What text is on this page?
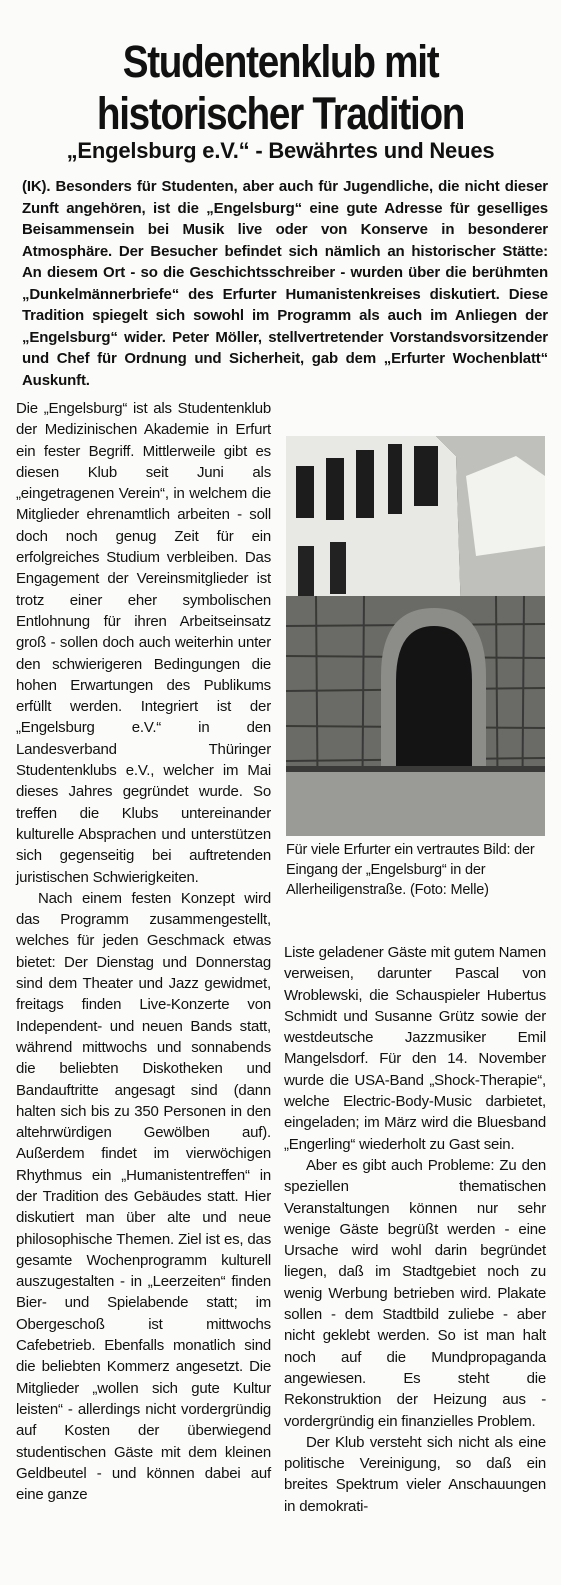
Studentenklub mit
historischer Tradition
„Engelsburg e.V.“ - Bewährtes und Neues
(IK). Besonders für Studenten, aber auch für Jugendliche, die nicht dieser Zunft angehören, ist die „Engelsburg“ eine gute Adresse für geselliges Beisammensein bei Musik live oder von Konserve in besonderer Atmosphäre. Der Besucher befindet sich nämlich an historischer Stätte: An diesem Ort - so die Geschichtsschreiber - wurden über die berühmten „Dunkelmännerbriefe“ des Erfurter Humanistenkreises diskutiert. Diese Tradition spiegelt sich sowohl im Programm als auch im Anliegen der „Engelsburg“ wider. Peter Möller, stellvertretender Vorstandsvorsitzender und Chef für Ordnung und Sicherheit, gab dem „Erfurter Wochenblatt“ Auskunft.

Die „Engelsburg“ ist als Studentenklub der Medizinischen Akademie in Erfurt ein fester Begriff. Mittlerweile gibt es diesen Klub seit Juni als „eingetragenen Verein“, in welchem die Mitglieder ehrenamtlich arbeiten - soll doch noch genug Zeit für ein erfolgreiches Studium verbleiben. Das Engagement der Vereinsmitglieder ist trotz einer eher symbolischen Entlohnung für ihren Arbeitseinsatz groß - sollen doch auch weiterhin unter den schwierigeren Bedingungen die hohen Erwartungen des Publikums erfüllt werden. Integriert ist der „Engelsburg e.V.“ in den Landesverband Thüringer Studentenklubs e.V., welcher im Mai dieses Jahres gegründet wurde. So treffen die Klubs untereinander kulturelle Absprachen und unterstützen sich gegenseitig bei auftretenden juristischen Schwierigkeiten.

Nach einem festen Konzept wird das Programm zusammengestellt, welches für jeden Geschmack etwas bietet: Der Dienstag und Donnerstag sind dem Theater und Jazz gewidmet, freitags finden Live-Konzerte von Independent- und neuen Bands statt, während mittwochs und sonnabends die beliebten Diskotheken und Bandauftritte angesagt sind (dann halten sich bis zu 350 Personen in den altehrwürdigen Gewölben auf). Außerdem findet im vierwöchigen Rhythmus ein „Humanistentreffen“ in der Tradition des Gebäudes statt. Hier diskutiert man über alte und neue philosophische Themen. Ziel ist es, das gesamte Wochenprogramm kulturell auszugestalten - in „Leerzeiten“ finden Bier- und Spielabende statt; im Obergeschoß ist mittwochs Cafebetrieb. Ebenfalls monatlich sind die beliebten Kommerz angesetzt. Die Mitglieder „wollen sich gute Kultur leisten“ - allerdings nicht vordergründig auf Kosten der überwiegend studentischen Gäste mit dem kleinen Geldbeutel - und können dabei auf eine ganze

Für viele Erfurter ein vertrautes Bild: der Eingang der „Engelsburg“ in der Allerheiligenstraße. (Foto: Melle)

Liste geladener Gäste mit gutem Namen verweisen, darunter Pascal von Wroblewski, die Schauspieler Hubertus Schmidt und Susanne Grütz sowie der westdeutsche Jazzmusiker Emil Mangelsdorf. Für den 14. November wurde die USA-Band „Shock-Therapie“, welche Electric-Body-Music darbietet, eingeladen; im März wird die Bluesband „Engerling“ wiederholt zu Gast sein.

Aber es gibt auch Probleme: Zu den speziellen thematischen Veranstaltungen können nur sehr wenige Gäste begrüßt werden - eine Ursache wird wohl darin begründet liegen, daß im Stadtgebiet noch zu wenig Werbung betrieben wird. Plakate sollen - dem Stadtbild zuliebe - aber nicht geklebt werden. So ist man halt noch auf die Mundpropaganda angewiesen. Es steht die Rekonstruktion der Heizung aus - vordergründig ein finanzielles Problem.

Der Klub versteht sich nicht als eine politische Vereinigung, so daß ein breites Spektrum vieler Anschauungen in demokrati-
